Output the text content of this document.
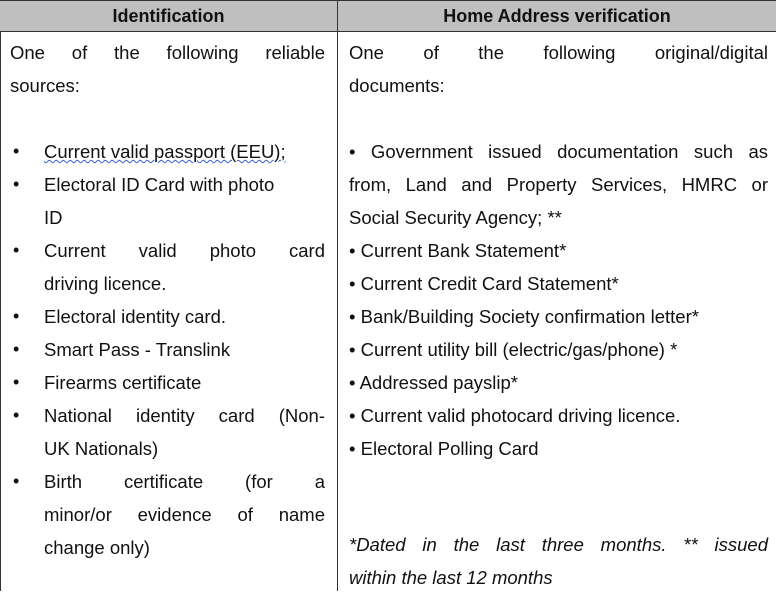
Identification	Home Address verification
One of the following reliable
sources:
• Current valid passport (EEU);
• Electoral ID Card with photo
ID
• Current valid photo card
driving licence.
• Electoral identity card.
• Smart Pass - Translink
• Firearms certificate
• National identity card (Non-
UK Nationals)
• Birth certificate (for a
minor/or evidence of name
change only)
One of the following original/digital
documents:
• Government issued documentation such as
from, Land and Property Services, HMRC or
Social Security Agency; **
• Current Bank Statement*
• Current Credit Card Statement*
• Bank/Building Society confirmation letter*
• Current utility bill (electric/gas/phone) *
• Addressed payslip*
• Current valid photocard driving licence.
• Electoral Polling Card
*Dated in the last three months. ** issued
within the last 12 months
